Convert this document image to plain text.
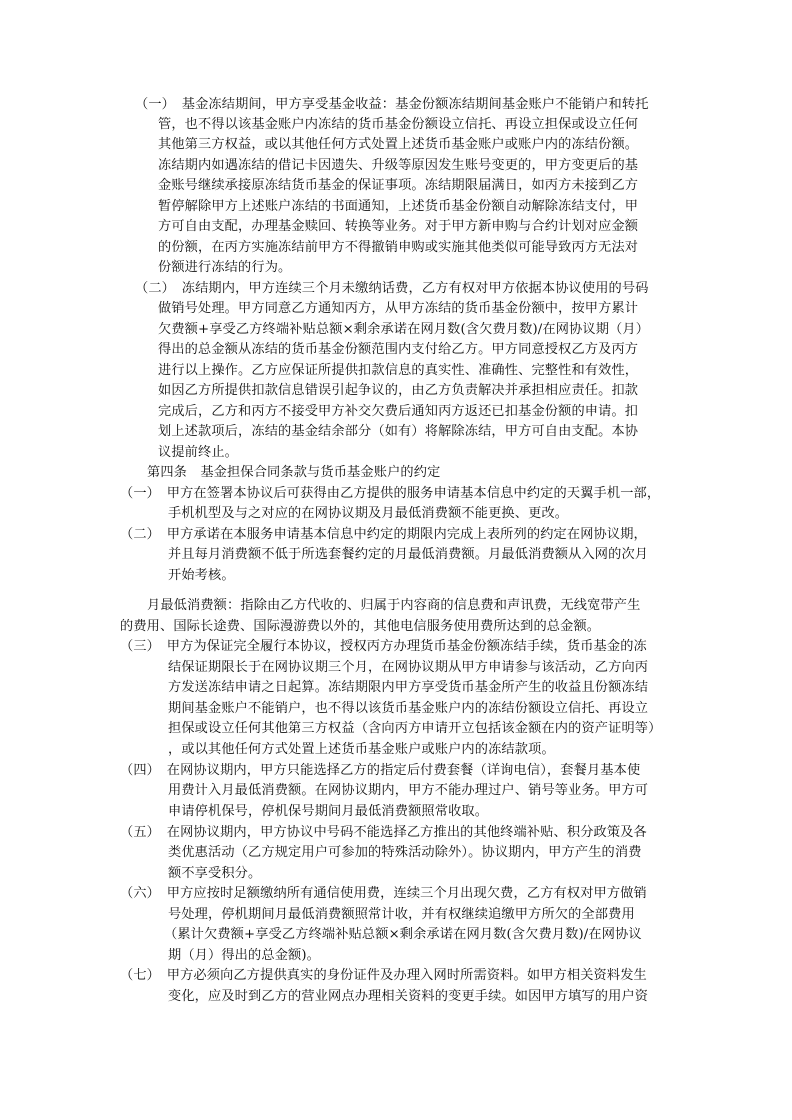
（一）　基金冻结期间，甲方享受基金收益：基金份额冻结期间基金账户不能销户和转托
管，也不得以该基金账户内冻结的货币基金份额设立信托、再设立担保或设立任何
其他第三方权益，或以其他任何方式处置上述货币基金账户或账户内的冻结份额。
冻结期内如遇冻结的借记卡因遗失、升级等原因发生账号变更的，甲方变更后的基
金账号继续承接原冻结货币基金的保证事项。冻结期限届满日，如丙方未接到乙方
暂停解除甲方上述账户冻结的书面通知，上述货币基金份额自动解除冻结支付，甲
方可自由支配，办理基金赎回、转换等业务。对于甲方新申购与合约计划对应金额
的份额，在丙方实施冻结前甲方不得撤销申购或实施其他类似可能导致丙方无法对
份额进行冻结的行为。
（二）　冻结期内，甲方连续三个月未缴纳话费，乙方有权对甲方依据本协议使用的号码
做销号处理。甲方同意乙方通知丙方，从甲方冻结的货币基金份额中，按甲方累计
欠费额+享受乙方终端补贴总额×剩余承诺在网月数(含欠费月数)/在网协议期（月）
得出的总金额从冻结的货币基金份额范围内支付给乙方。甲方同意授权乙方及丙方
进行以上操作。乙方应保证所提供扣款信息的真实性、准确性、完整性和有效性，
如因乙方所提供扣款信息错误引起争议的，由乙方负责解决并承担相应责任。扣款
完成后，乙方和丙方不接受甲方补交欠费后通知丙方返还已扣基金份额的申请。扣
划上述款项后，冻结的基金结余部分（如有）将解除冻结，甲方可自由支配。本协
议提前终止。
第四条　基金担保合同条款与货币基金账户的约定
（一）　甲方在签署本协议后可获得由乙方提供的服务申请基本信息中约定的天翼手机一部，
手机机型及与之对应的在网协议期及月最低消费额不能更换、更改。
（二）　甲方承诺在本服务申请基本信息中约定的期限内完成上表所列的约定在网协议期，
并且每月消费额不低于所选套餐约定的月最低消费额。月最低消费额从入网的次月
开始考核。
月最低消费额：指除由乙方代收的、归属于内容商的信息费和声讯费，无线宽带产生
的费用、国际长途费、国际漫游费以外的，其他电信服务使用费所达到的总金额。
（三）　甲方为保证完全履行本协议，授权丙方办理货币基金份额冻结手续，货币基金的冻
结保证期限长于在网协议期三个月，在网协议期从甲方申请参与该活动，乙方向丙
方发送冻结申请之日起算。冻结期限内甲方享受货币基金所产生的收益且份额冻结
期间基金账户不能销户，也不得以该货币基金账户内的冻结份额设立信托、再设立
担保或设立任何其他第三方权益（含向丙方申请开立包括该金额在内的资产证明等）
，或以其他任何方式处置上述货币基金账户或账户内的冻结款项。
（四）　在网协议期内，甲方只能选择乙方的指定后付费套餐（详询电信），套餐月基本使
用费计入月最低消费额。在网协议期内，甲方不能办理过户、销号等业务。甲方可
申请停机保号，停机保号期间月最低消费额照常收取。
（五）　在网协议期内，甲方协议中号码不能选择乙方推出的其他终端补贴、积分政策及各
类优惠活动（乙方规定用户可参加的特殊活动除外）。协议期内，甲方产生的消费
额不享受积分。
（六）　甲方应按时足额缴纳所有通信使用费，连续三个月出现欠费，乙方有权对甲方做销
号处理，停机期间月最低消费额照常计收，并有权继续追缴甲方所欠的全部费用
（累计欠费额+享受乙方终端补贴总额×剩余承诺在网月数(含欠费月数)/在网协议
期（月）得出的总金额)。
（七）　甲方必须向乙方提供真实的身份证件及办理入网时所需资料。如甲方相关资料发生
变化，应及时到乙方的营业网点办理相关资料的变更手续。如因甲方填写的用户资
